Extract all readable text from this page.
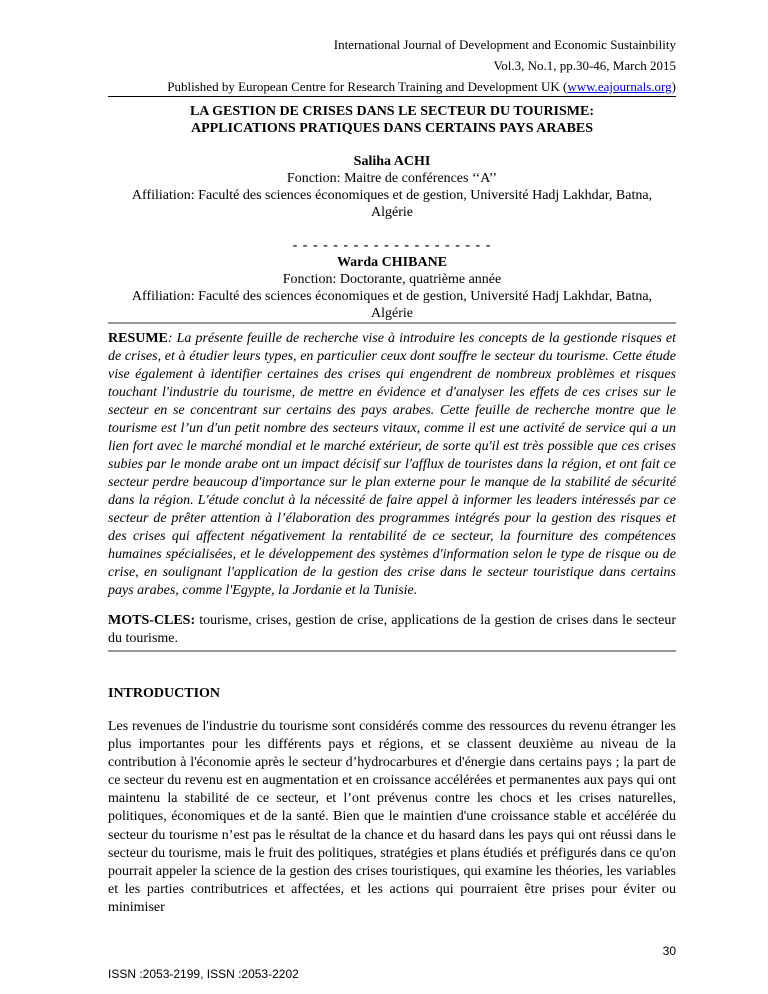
International Journal of Development and Economic Sustainbility
Vol.3, No.1, pp.30-46, March 2015
Published by European Centre for Research Training and Development UK (www.eajournals.org)
LA GESTION DE CRISES DANS LE SECTEUR DU TOURISME:
APPLICATIONS PRATIQUES DANS CERTAINS PAYS ARABES
Saliha ACHI
Fonction: Maitre de conférences ‘‘A’’
Affiliation: Faculté des sciences économiques et de gestion, Université Hadj Lakhdar, Batna,
Algérie
- - - - - - - - - - - - - - - - - - - -
Warda CHIBANE
Fonction: Doctorante, quatrième année
Affiliation: Faculté des sciences économiques et de gestion, Université Hadj Lakhdar, Batna,
Algérie
RESUME: La présente feuille de recherche vise à introduire les concepts de la gestionde risques et de crises, et à étudier leurs types, en particulier ceux dont souffre le secteur du tourisme. Cette étude vise également à identifier certaines des crises qui engendrent de nombreux problèmes et risques touchant l'industrie du tourisme, de mettre en évidence et d'analyser les effets de ces crises sur le secteur en se concentrant sur certains des pays arabes. Cette feuille de recherche montre que le tourisme est l’un d'un petit nombre des secteurs vitaux, comme il est une activité de service qui a un lien fort avec le marché mondial et le marché extérieur, de sorte qu'il est très possible que ces crises subies par le monde arabe ont un impact décisif sur l'afflux de touristes dans la région, et ont fait ce secteur perdre beaucoup d'importance sur le plan externe pour le manque de la stabilité de sécurité dans la région. L'étude conclut à la nécessité de faire appel à informer les leaders intéressés par ce secteur de prêter attention à l’élaboration des programmes intégrés pour la gestion des risques et des crises qui affectent négativement la rentabilité de ce secteur, la fourniture des compétences humaines spécialisées, et le développement des systèmes d'information selon le type de risque ou de crise, en soulignant l'application de la gestion des crise dans le secteur touristique dans certains pays arabes, comme l'Egypte, la Jordanie et la Tunisie.
MOTS-CLES: tourisme, crises, gestion de crise, applications de la gestion de crises dans le secteur du tourisme.
INTRODUCTION
Les revenues de l'industrie du tourisme sont considérés comme des ressources du revenu étranger les plus importantes pour les différents pays et régions, et se classent deuxième au niveau de la contribution à l'économie après le secteur d’hydrocarbures et d'énergie dans certains pays ; la part de ce secteur du revenu est en augmentation et en croissance accélérées et permanentes aux pays qui ont maintenu la stabilité de ce secteur, et l’ont prévenus contre les chocs et les crises naturelles, politiques, économiques et de la santé. Bien que le maintien d'une croissance stable et accélérée du secteur du tourisme n’est pas le résultat de la chance et du hasard dans les pays qui ont réussi dans le secteur du tourisme, mais le fruit des politiques, stratégies et plans étudiés et préfigurés dans ce qu'on pourrait appeler la science de la gestion des crises touristiques, qui examine les théories, les variables et les parties contributrices et affectées, et les actions qui pourraient être prises pour éviter ou minimiser
30
ISSN :2053-2199, ISSN :2053-2202
